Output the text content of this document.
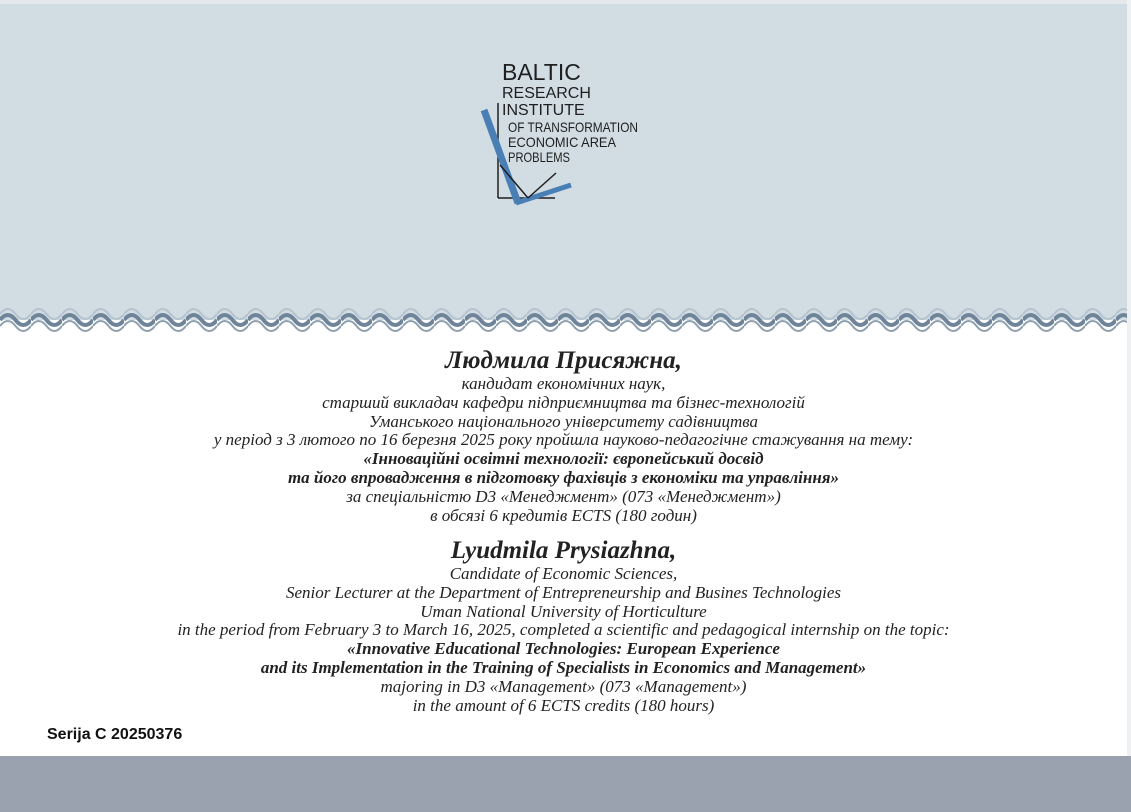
BALTIC
RESEARCH
INSTITUTE
OF TRANSFORMATION
ECONOMIC AREA
PROBLEMS
Людмила Присяжна,
кандидат економічних наук,
старший викладач кафедри підприємництва та бізнес-технологій
Уманського національного університету садівництва
у період з 3 лютого по 16 березня 2025 року пройшла науково-педагогічне стажування на тему:
«Інноваційні освітні технології: європейський досвід
та його впровадження в підготовку фахівців з економіки та управління»
за спеціальністю D3 «Менеджмент» (073 «Менеджмент»)
в обсязі 6 кредитів ECTS (180 годин)
Lyudmila Prysiazhna,
Candidate of Economic Sciences,
Senior Lecturer at the Department of Entrepreneurship and Busines Technologies
Uman National University of Horticulture
in the period from February 3 to March 16, 2025, completed a scientific and pedagogical internship on the topic:
«Innovative Educational Technologies: European Experience
and its Implementation in the Training of Specialists in Economics and Management»
majoring in D3 «Management» (073 «Management»)
in the amount of 6 ECTS credits (180 hours)
Serija C 20250376
